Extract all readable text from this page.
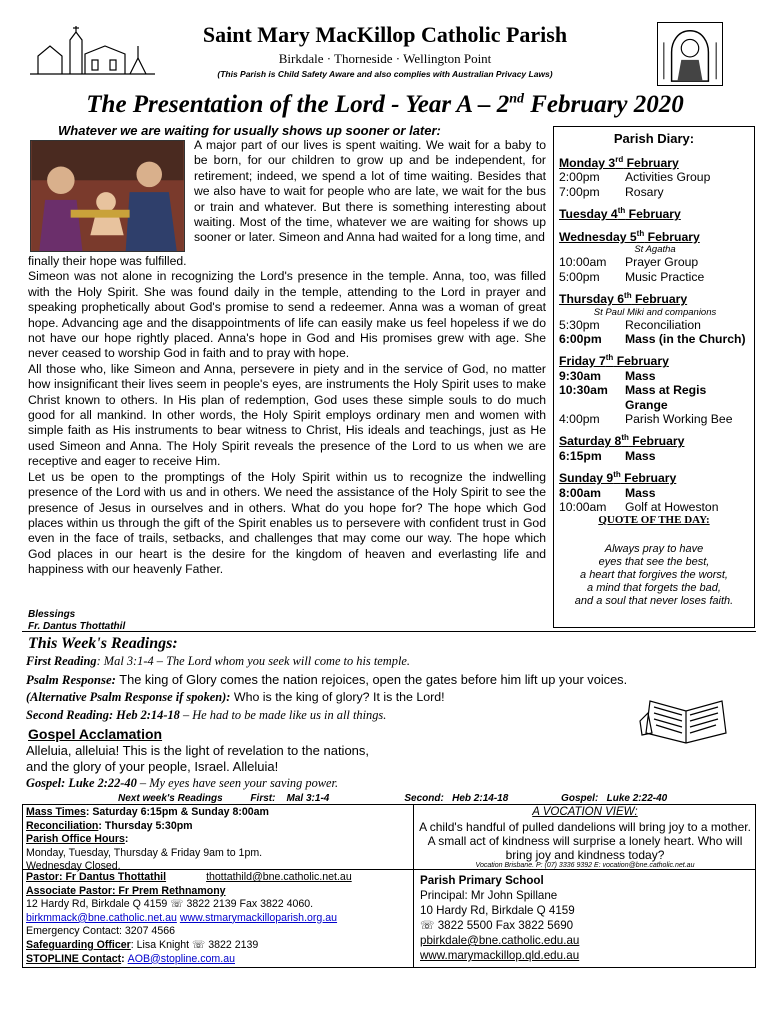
Saint Mary MacKillop Catholic Parish
Birkdale · Thorneside · Wellington Point
(This Parish is Child Safety Aware and also complies with Australian Privacy Laws)
The Presentation of the Lord - Year A – 2nd February 2020
Whatever we are waiting for usually shows up sooner or later:
A major part of our lives is spent waiting. We wait for a baby to be born, for our children to grow up and be independent, for retirement; indeed, we spend a lot of time waiting. Besides that we also have to wait for people who are late, we wait for the bus or train and whatever. But there is something interesting about waiting. Most of the time, whatever we are waiting for shows up sooner or later. Simeon and Anna had waited for a long time, and

finally their hope was fulfilled.

Simeon was not alone in recognizing the Lord's presence in the temple. Anna, too, was filled with the Holy Spirit. She was found daily in the temple, attending to the Lord in prayer and speaking prophetically about God's promise to send a redeemer. Anna was a woman of great hope. Advancing age and the disappointments of life can easily make us feel hopeless if we do not have our hope rightly placed. Anna's hope in God and His promises grew with age. She never ceased to worship God in faith and to pray with hope.

All those who, like Simeon and Anna, persevere in piety and in the service of God, no matter how insignificant their lives seem in people's eyes, are instruments the Holy Spirit uses to make Christ known to others. In His plan of redemption, God uses these simple souls to do much good for all mankind. In other words, the Holy Spirit employs ordinary men and women with simple faith as His instruments to bear witness to Christ, His ideals and teachings, just as He used Simeon and Anna. The Holy Spirit reveals the presence of the Lord to us when we are receptive and eager to receive Him.

Let us be open to the promptings of the Holy Spirit within us to recognize the indwelling presence of the Lord with us and in others. We need the assistance of the Holy Spirit to see the presence of Jesus in ourselves and in others. What do you hope for? The hope which God places within us through the gift of the Spirit enables us to persevere with confident trust in God even in the face of trails, setbacks, and challenges that may come our way. The hope which God places in our heart is the desire for the kingdom of heaven and everlasting life and happiness with our heavenly Father.

Blessings
Fr. Dantus Thottathil
Parish Diary:
Monday 3rd February
2:00pm	Activities Group
7:00pm	Rosary
Tuesday 4th February
Wednesday 5th February
St Agatha
10:00am	Prayer Group
5:00pm	Music Practice
Thursday 6th February
St Paul Miki and companions
5:30pm	Reconciliation
6:00pm	Mass (in the Church)
Friday 7th February
9:30am	Mass
10:30am	Mass at Regis Grange
4:00pm	Parish Working Bee
Saturday 8th February
6:15pm	Mass
Sunday 9th February
8:00am	Mass
10:00am	Golf at Howeston
QUOTE OF THE DAY:
Always pray to have
eyes that see the best,
a heart that forgives the worst,
a mind that forgets the bad,
and a soul that never loses faith.
This Week's Readings:
First Reading: Mal 3:1-4 – The Lord whom you seek will come to his temple.
Psalm Response: The king of Glory comes the nation rejoices, open the gates before him lift up your voices.
(Alternative Psalm Response if spoken): Who is the king of glory? It is the Lord!
Second Reading: Heb 2:14-18 – He had to be made like us in all things.
Gospel Acclamation
Alleluia, alleluia! This is the light of revelation to the nations,
and the glory of your people, Israel. Alleluia!
Gospel: Luke 2:22-40 – My eyes have seen your saving power.
Next week's Readings          First:    Mal 3:1-4                           Second:   Heb 2:14-18                   Gospel:   Luke 2:22-40
Mass Times: Saturday 6:15pm & Sunday 8:00am
Reconciliation: Thursday 5:30pm
Parish Office Hours:
Monday, Tuesday, Thursday & Friday 9am to 1pm.
Wednesday Closed.
Pastor: Fr Dantus Thottathil	thottathild@bne.catholic.net.au
Associate Pastor: Fr Prem Rethnamony
12 Hardy Rd, Birkdale Q 4159 ☏ 3822 2139 Fax 3822 4060.
birkmmack@bne.catholic.net.au www.stmarymackilloparish.org.au
Emergency Contact: 3207 4566
Safeguarding Officer: Lisa Knight ☏ 3822 2139
STOPLINE Contact: AOB@stopline.com.au
A VOCATION VIEW:
A child's handful of pulled dandelions will bring joy to a mother. A small act of kindness will surprise a lonely heart. Who will bring joy and kindness today?
Vocation Brisbane. P: (07) 3336 9392 E: vocation@bne.catholic.net.au
Parish Primary School
Principal: Mr John Spillane
10 Hardy Rd, Birkdale Q 4159
☏ 3822 5500 Fax 3822 5690
pbirkdale@bne.catholic.edu.au
www.marymackillop.qld.edu.au
